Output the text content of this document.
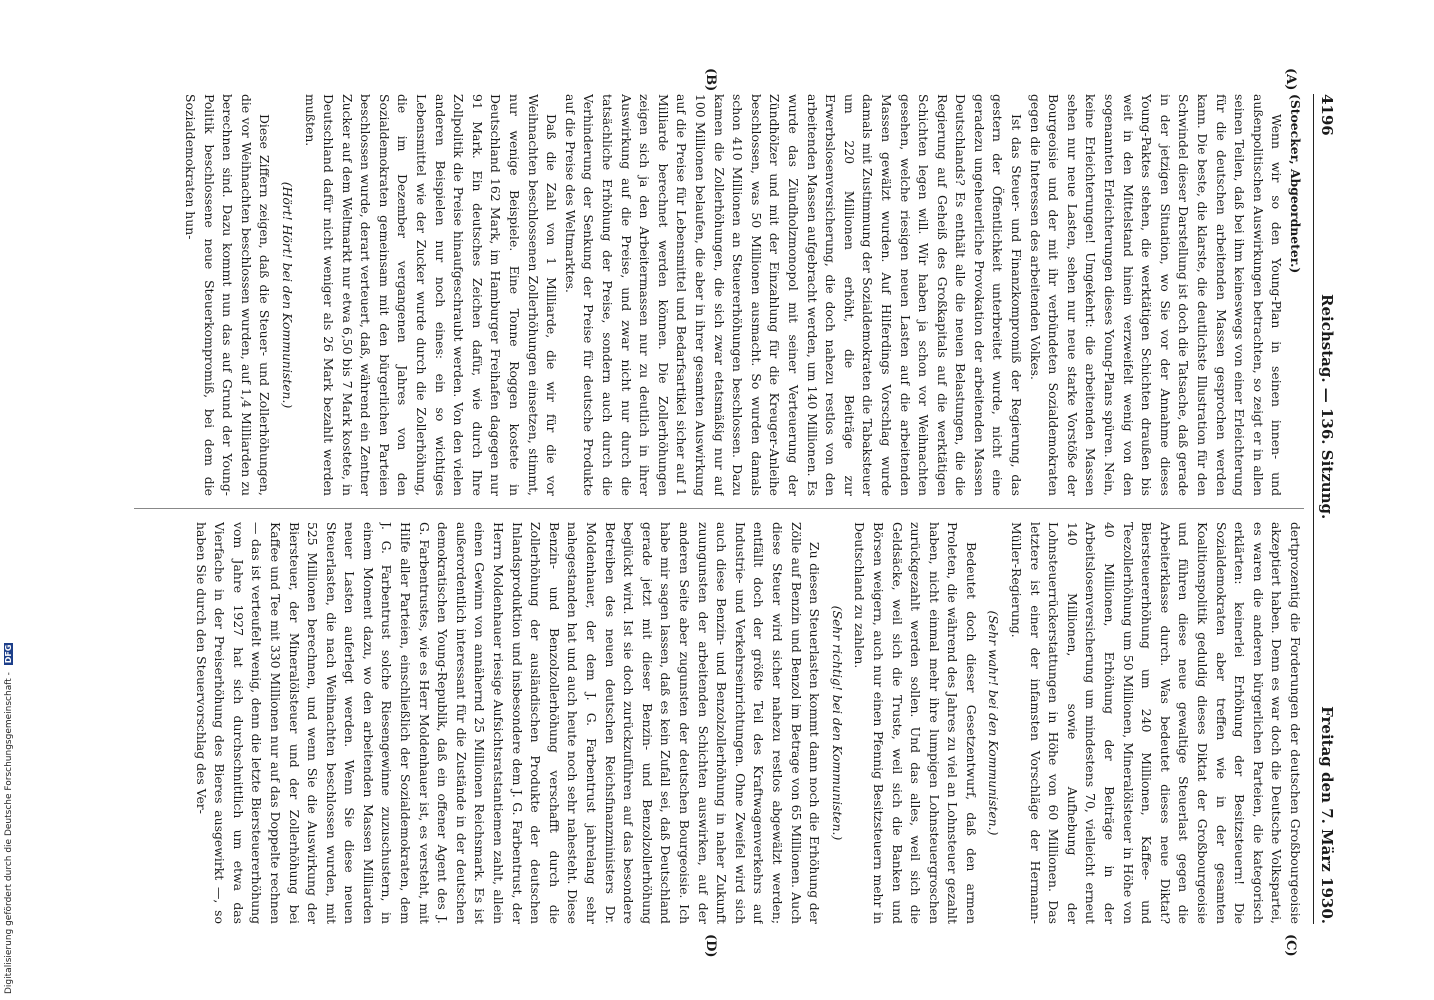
4196
Reichstag. — 136. Sitzung.
Freitag den 7. März 1930.
(A)
(B)
(C)
(D)

(Stoecker, Abgeordneter.)

Wenn wir so den Young-Plan in seinen innen- und außenpolitischen Auswirkungen betrachten, so zeigt er in allen seinen Teilen, daß bei ihm keineswegs von einer Erleichterung für die deutschen arbeitenden Massen gesprochen werden kann. Die beste, die klarste, die deutlichste Illustration für den Schwindel dieser Darstellung ist doch die Tatsache, daß gerade in der jetzigen Situation, wo Sie vor der Annahme dieses Young-Paktes stehen, die werktätigen Schichten draußen bis weit in den Mittelstand hinein verzweifelt wenig von den sogenannten Erleichterungen dieses Young-Plans spüren. Nein, keine Erleichterungen! Umgekehrt: die arbeitenden Massen sehen nur neue Lasten, sehen nur neue starke Vorstöße der Bourgeoisie und der mit ihr verbündeten Sozialdemokraten gegen die Interessen des arbeitenden Volkes.

Ist das Steuer- und Finanzkompromiß der Regierung, das gestern der Öffentlichkeit unterbreitet wurde, nicht eine geradezu ungeheuerliche Provokation der arbeitenden Massen Deutschlands? Es enthält alle die neuen Belastungen, die die Regierung auf Geheiß des Großkapitals auf die werktätigen Schichten legen will. Wir haben ja schon vor Weihnachten gesehen, welche riesigen neuen Lasten auf die arbeitenden Massen gewälzt wurden. Auf Hilferdings Vorschlag wurde damals mit Zustimmung der Sozialdemokraten die Tabaksteuer um 220 Millionen erhöht, die Beiträge zur Erwerbslosenversicherung, die doch nahezu restlos von den arbeitenden Massen aufgebracht werden, um 140 Millionen. Es wurde das Zündholzmonopol mit seiner Verteuerung der Zündhölzer und mit der Einzahlung für die Kreuger-Anleihe beschlossen, was 50 Millionen ausmacht. So wurden damals schon 410 Millionen an Steuererhöhungen beschlossen. Dazu kamen die Zollerhöhungen, die sich zwar etatsmäßig nur auf 100 Millionen belaufen, die aber in ihrer gesamten Auswirkung auf die Preise für Lebensmittel und Bedarfsartikel sicher auf 1 Milliarde berechnet werden können. Die Zollerhöhungen zeigen sich ja den Arbeitermassen nur zu deutlich in ihrer Auswirkung auf die Preise, und zwar nicht nur durch die tatsächliche Erhöhung der Preise, sondern auch durch die Verhinderung der Senkung der Preise für deutsche Produkte auf die Preise des Weltmarktes.

Daß die Zahl von 1 Milliarde, die wir für die vor Weihnachten beschlossenen Zollerhöhungen einsetzen, stimmt, nur wenige Beispiele. Eine Tonne Roggen kostete in Deutschland 162 Mark, im Hamburger Freihafen dagegen nur 91 Mark. Ein deutsches Zeichen dafür, wie durch Ihre Zollpolitik die Preise hinaufgeschraubt werden. Von den vielen anderen Beispielen nur noch eines: ein so wichtiges Lebensmittel wie der Zucker wurde durch die Zollerhöhung, die im Dezember vergangenen Jahres von den Sozialdemokraten gemeinsam mit den bürgerlichen Parteien beschlossen wurde, derart verteuert, daß, während ein Zentner Zucker auf dem Weltmarkt nur etwa 6,50 bis 7 Mark kostete, in Deutschland dafür nicht weniger als 26 Mark bezahlt werden mußten.

(Hört! Hört! bei den Kommunisten.)

Diese Ziffern zeigen, daß die Steuer- und Zollerhöhungen, die vor Weihnachten beschlossen wurden, auf 1,4 Milliarden zu berechnen sind. Dazu kommt nun das auf Grund der Young-Politik beschlossene neue Steuerkompromiß, bei dem die Sozialdemokraten hun-

dertprozentig die Forderungen der deutschen Großbourgeoisie akzeptiert haben. Denn es war doch die Deutsche Volkspartei, es waren die anderen bürgerlichen Parteien, die kategorisch erklärten: keinerlei Erhöhung der Besitzsteuern! Die Sozialdemokraten aber treffen wie in der gesamten Koalitionspolitik geduldig dieses Diktat der Großbourgeoisie und führen diese neue gewaltige Steuerlast gegen die Arbeiterklasse durch. Was bedeutet dieses neue Diktat? Biersteuererhöhung um 240 Millionen, Kaffee- und Teezollerhöhung um 50 Millionen, Mineralölsteuer in Höhe von 40 Millionen, Erhöhung der Beiträge in der Arbeitslosenversicherung um mindestens 70, vielleicht erneut 140 Millionen, sowie Aufhebung der Lohnsteuerrückerstattungen in Höhe von 60 Millionen. Das letztere ist einer der infamsten Vorschläge der Hermann-Müller-Regierung.

(Sehr wahr! bei den Kommunisten.)

Bedeutet doch dieser Gesetzentwurf, daß den armen Proleten, die während des Jahres zu viel an Lohnsteuer gezahlt haben, nicht einmal mehr ihre lumpigen Lohnsteuergroschen zurückgezahlt werden sollen. Und das alles, weil sich die Geldsäcke, weil sich die Truste, weil sich die Banken und Börsen weigern, auch nur einen Pfennig Besitzsteuern mehr in Deutschland zu zahlen.

(Sehr richtig! bei den Kommunisten.)

Zu diesen Steuerlasten kommt dann noch die Erhöhung der Zölle auf Benzin und Benzol im Betrage von 65 Millionen. Auch diese Steuer wird sicher nahezu restlos abgewälzt werden; entfällt doch der größte Teil des Kraftwagenverkehrs auf Industrie- und Verkehrseinrichtungen. Ohne Zweifel wird sich auch diese Benzin- und Benzolzollerhöhung in naher Zukunft zuungunsten der arbeitenden Schichten auswirken, auf der anderen Seite aber zugunsten der deutschen Bourgeoisie. Ich habe mir sagen lassen, daß es kein Zufall sei, daß Deutschland gerade jetzt mit dieser Benzin- und Benzolzollerhöhung beglückt wird. Ist sie doch zurückzuführen auf das besondere Betreiben des neuen deutschen Reichsfinanzministers Dr. Moldenhauer, der dem J. G. Farbentrust jahrelang sehr nahegestanden hat und auch heute noch sehr nahesteht. Diese Benzin- und Benzolzollerhöhung verschafft durch die Zollerhöhung der ausländischen Produkte der deutschen Inlandsproduktion und insbesondere dem J. G. Farbentrust, der Herrn Moldenhauer riesige Aufsichtsratstantiemen zahlt, allein einen Gewinn von annähernd 25 Millionen Reichsmark. Es ist außerordentlich interessant für die Zustände in der deutschen demokratischen Young-Republik, daß ein offener Agent des J. G. Farbentrustes, wie es Herr Moldenhauer ist, es versteht, mit Hilfe aller Parteien, einschließlich der Sozialdemokraten, dem J. G. Farbentrust solche Riesengewinne zuzuschustern, in einem Moment dazu, wo den arbeitenden Massen Milliarden neuer Lasten auferlegt werden. Wenn Sie diese neuen Steuerlasten, die nach Weihnachten beschlossen wurden, mit 525 Millionen berechnen, und wenn Sie die Auswirkung der Biersteuer, der Mineralölsteuer und der Zollerhöhung bei Kaffee und Tee mit 330 Millionen nur auf das Doppelte rechnen — das ist verteufelt wenig, denn die letzte Biersteuererhöhung vom Jahre 1927 hat sich durchschnittlich um etwa das Vierfache in der Preiserhöhung des Bieres ausgewirkt —, so haben Sie durch den Steuervorschlag des Ver-

Digitalisierung gefördert durch die Deutsche Forschungsgemeinschaft - DFG
